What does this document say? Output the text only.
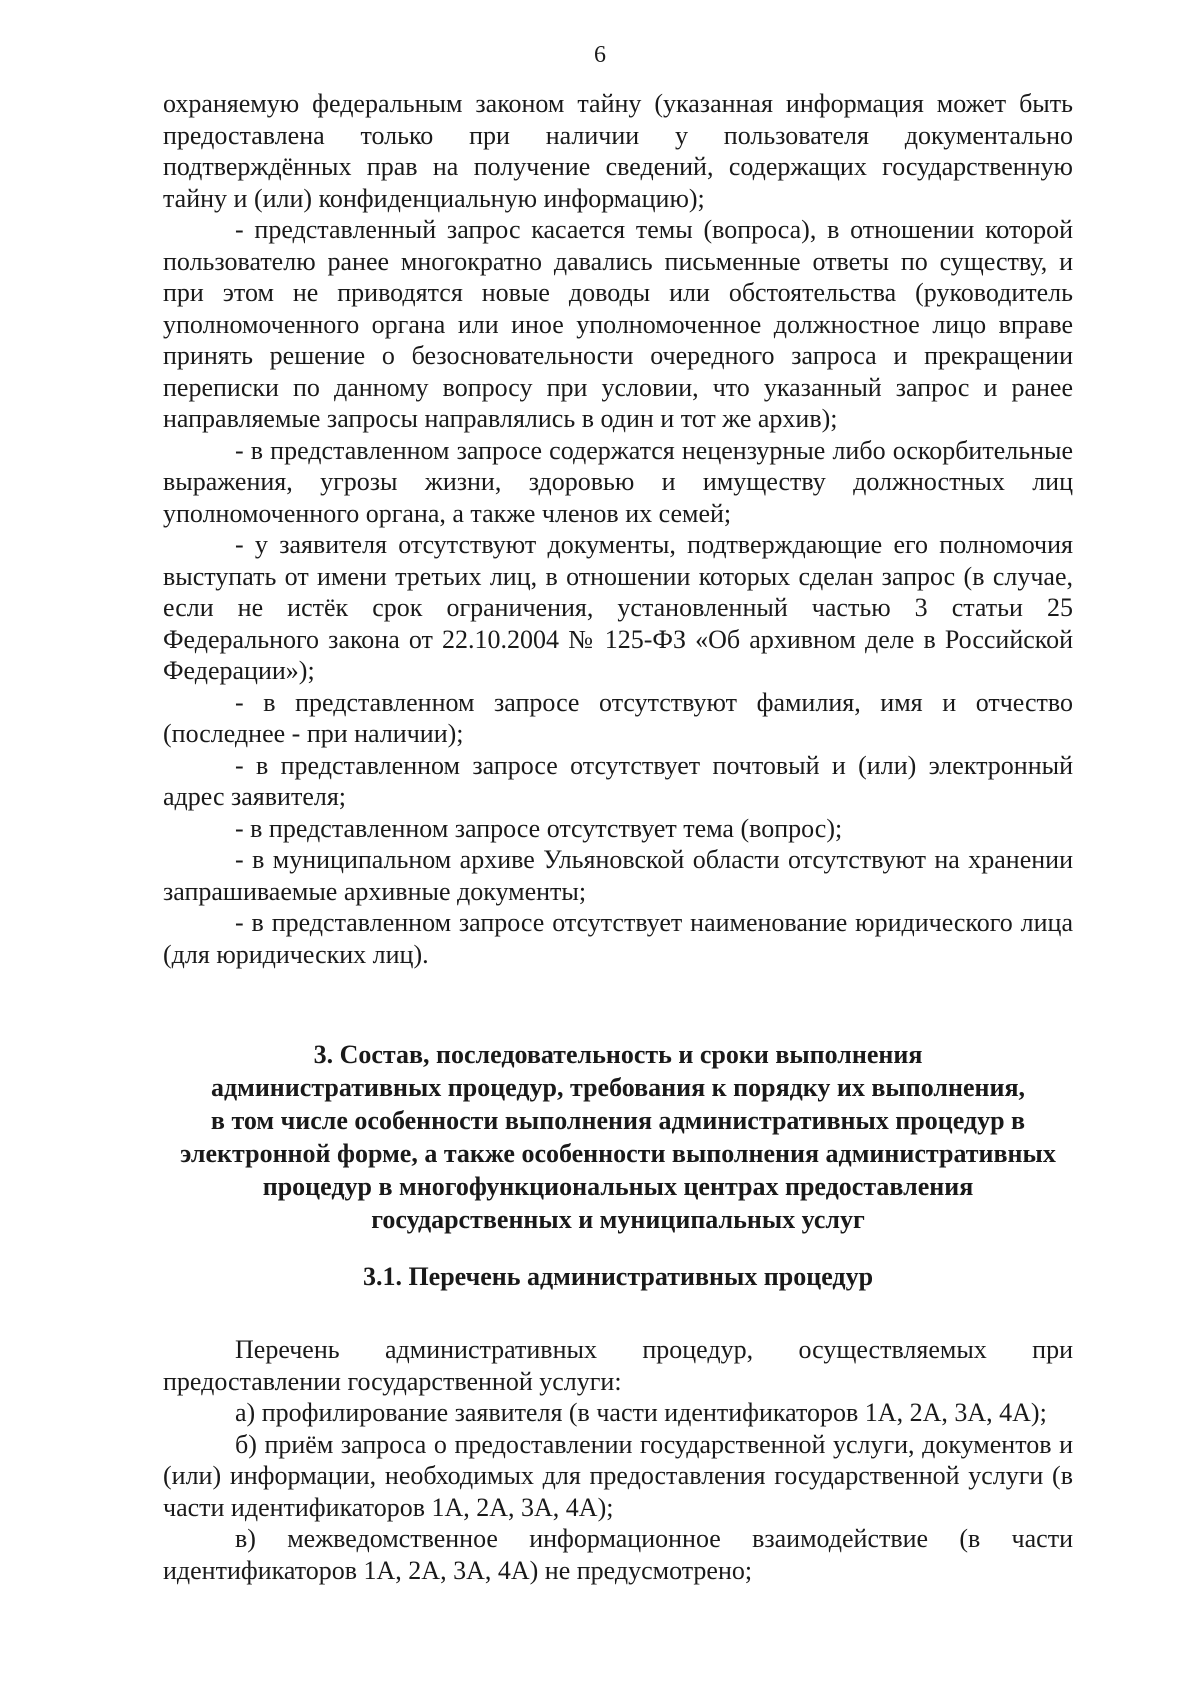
6

охраняемую федеральным законом тайну (указанная информация может быть предоставлена только при наличии у пользователя документально подтверждённых прав на получение сведений, содержащих государственную тайну и (или) конфиденциальную информацию);

- представленный запрос касается темы (вопроса), в отношении которой пользователю ранее многократно давались письменные ответы по существу, и при этом не приводятся новые доводы или обстоятельства (руководитель уполномоченного органа или иное уполномоченное должностное лицо вправе принять решение о безосновательности очередного запроса и прекращении переписки по данному вопросу при условии, что указанный запрос и ранее направляемые запросы направлялись в один и тот же архив);

- в представленном запросе содержатся нецензурные либо оскорбительные выражения, угрозы жизни, здоровью и имуществу должностных лиц уполномоченного органа, а также членов их семей;

- у заявителя отсутствуют документы, подтверждающие его полномочия выступать от имени третьих лиц, в отношении которых сделан запрос (в случае, если не истёк срок ограничения, установленный частью 3 статьи 25 Федерального закона от 22.10.2004 № 125-ФЗ «Об архивном деле в Российской Федерации»);

- в представленном запросе отсутствуют фамилия, имя и отчество (последнее - при наличии);

- в представленном запросе отсутствует почтовый и (или) электронный адрес заявителя;

- в представленном запросе отсутствует тема (вопрос);

- в муниципальном архиве Ульяновской области отсутствуют на хранении запрашиваемые архивные документы;

- в представленном запросе отсутствует наименование юридического лица (для юридических лиц).

3. Состав, последовательность и сроки выполнения

административных процедур, требования к порядку их выполнения,

в том числе особенности выполнения административных процедур в

электронной форме, а также особенности выполнения административных

процедур в многофункциональных центрах предоставления

государственных и муниципальных услуг

3.1. Перечень административных процедур

Перечень административных процедур, осуществляемых при предоставлении государственной услуги:

а) профилирование заявителя (в части идентификаторов 1А, 2А, 3А, 4А);

б) приём запроса о предоставлении государственной услуги, документов и (или) информации, необходимых для предоставления государственной услуги (в части идентификаторов 1А, 2А, 3А, 4А);

в) межведомственное информационное взаимодействие (в части идентификаторов 1А, 2А, 3А, 4А) не предусмотрено;
